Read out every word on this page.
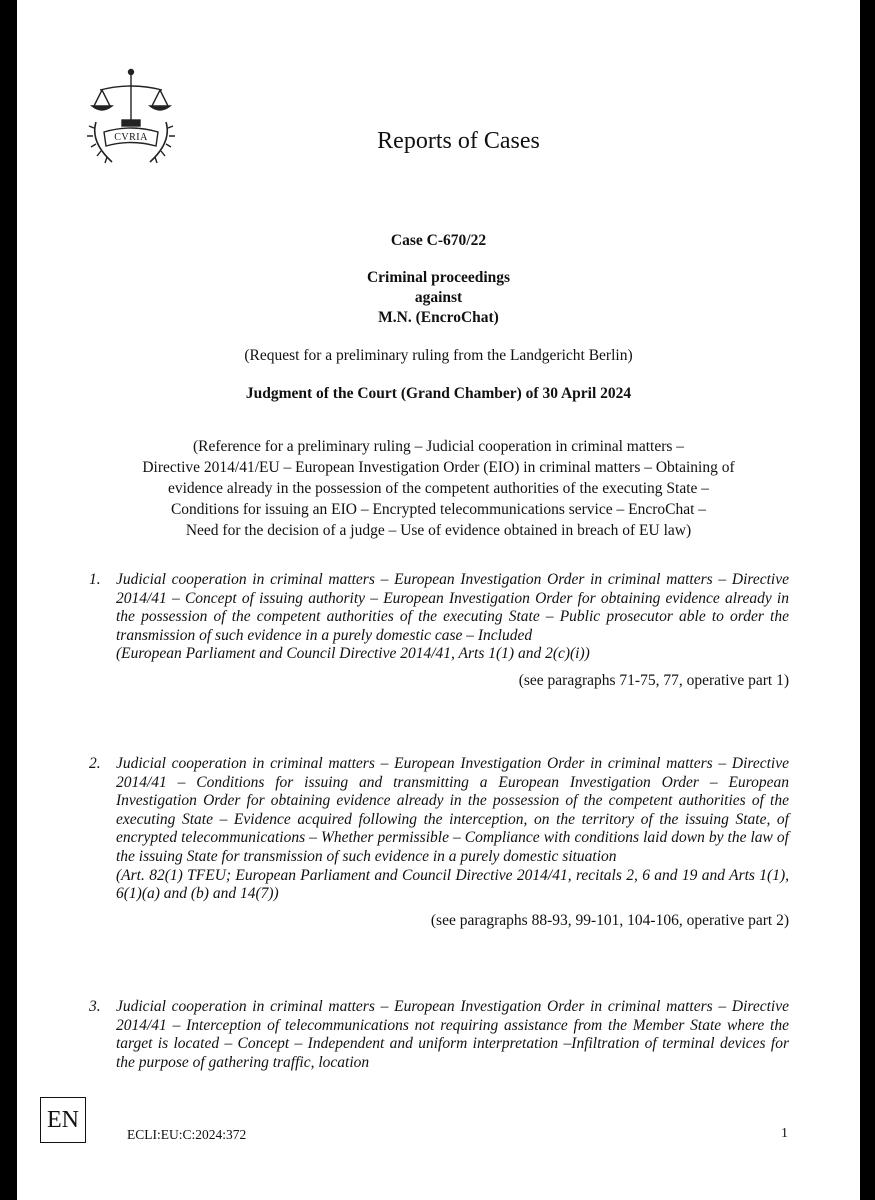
CVRIA	Reports of Cases
Case C-670/22
Criminal proceedings
against
M.N. (EncroChat)
(Request for a preliminary ruling from the Landgericht Berlin)
Judgment of the Court (Grand Chamber) of 30 April 2024
(Reference for a preliminary ruling – Judicial cooperation in criminal matters –
Directive 2014/41/EU – European Investigation Order (EIO) in criminal matters – Obtaining of
evidence already in the possession of the competent authorities of the executing State –
Conditions for issuing an EIO – Encrypted telecommunications service – EncroChat –
Need for the decision of a judge – Use of evidence obtained in breach of EU law)
1. Judicial cooperation in criminal matters – European Investigation Order in criminal matters – Directive 2014/41 – Concept of issuing authority – European Investigation Order for obtaining evidence already in the possession of the competent authorities of the executing State – Public prosecutor able to order the transmission of such evidence in a purely domestic case – Included
(European Parliament and Council Directive 2014/41, Arts 1(1) and 2(c)(i))
(see paragraphs 71-75, 77, operative part 1)
2. Judicial cooperation in criminal matters – European Investigation Order in criminal matters – Directive 2014/41 – Conditions for issuing and transmitting a European Investigation Order – European Investigation Order for obtaining evidence already in the possession of the competent authorities of the executing State – Evidence acquired following the interception, on the territory of the issuing State, of encrypted telecommunications – Whether permissible – Compliance with conditions laid down by the law of the issuing State for transmission of such evidence in a purely domestic situation
(Art. 82(1) TFEU; European Parliament and Council Directive 2014/41, recitals 2, 6 and 19 and Arts 1(1), 6(1)(a) and (b) and 14(7))
(see paragraphs 88-93, 99-101, 104-106, operative part 2)
3. Judicial cooperation in criminal matters – European Investigation Order in criminal matters – Directive 2014/41 – Interception of telecommunications not requiring assistance from the Member State where the target is located – Concept – Independent and uniform interpretation –Infiltration of terminal devices for the purpose of gathering traffic, location
EN
ECLI:EU:C:2024:372	1
